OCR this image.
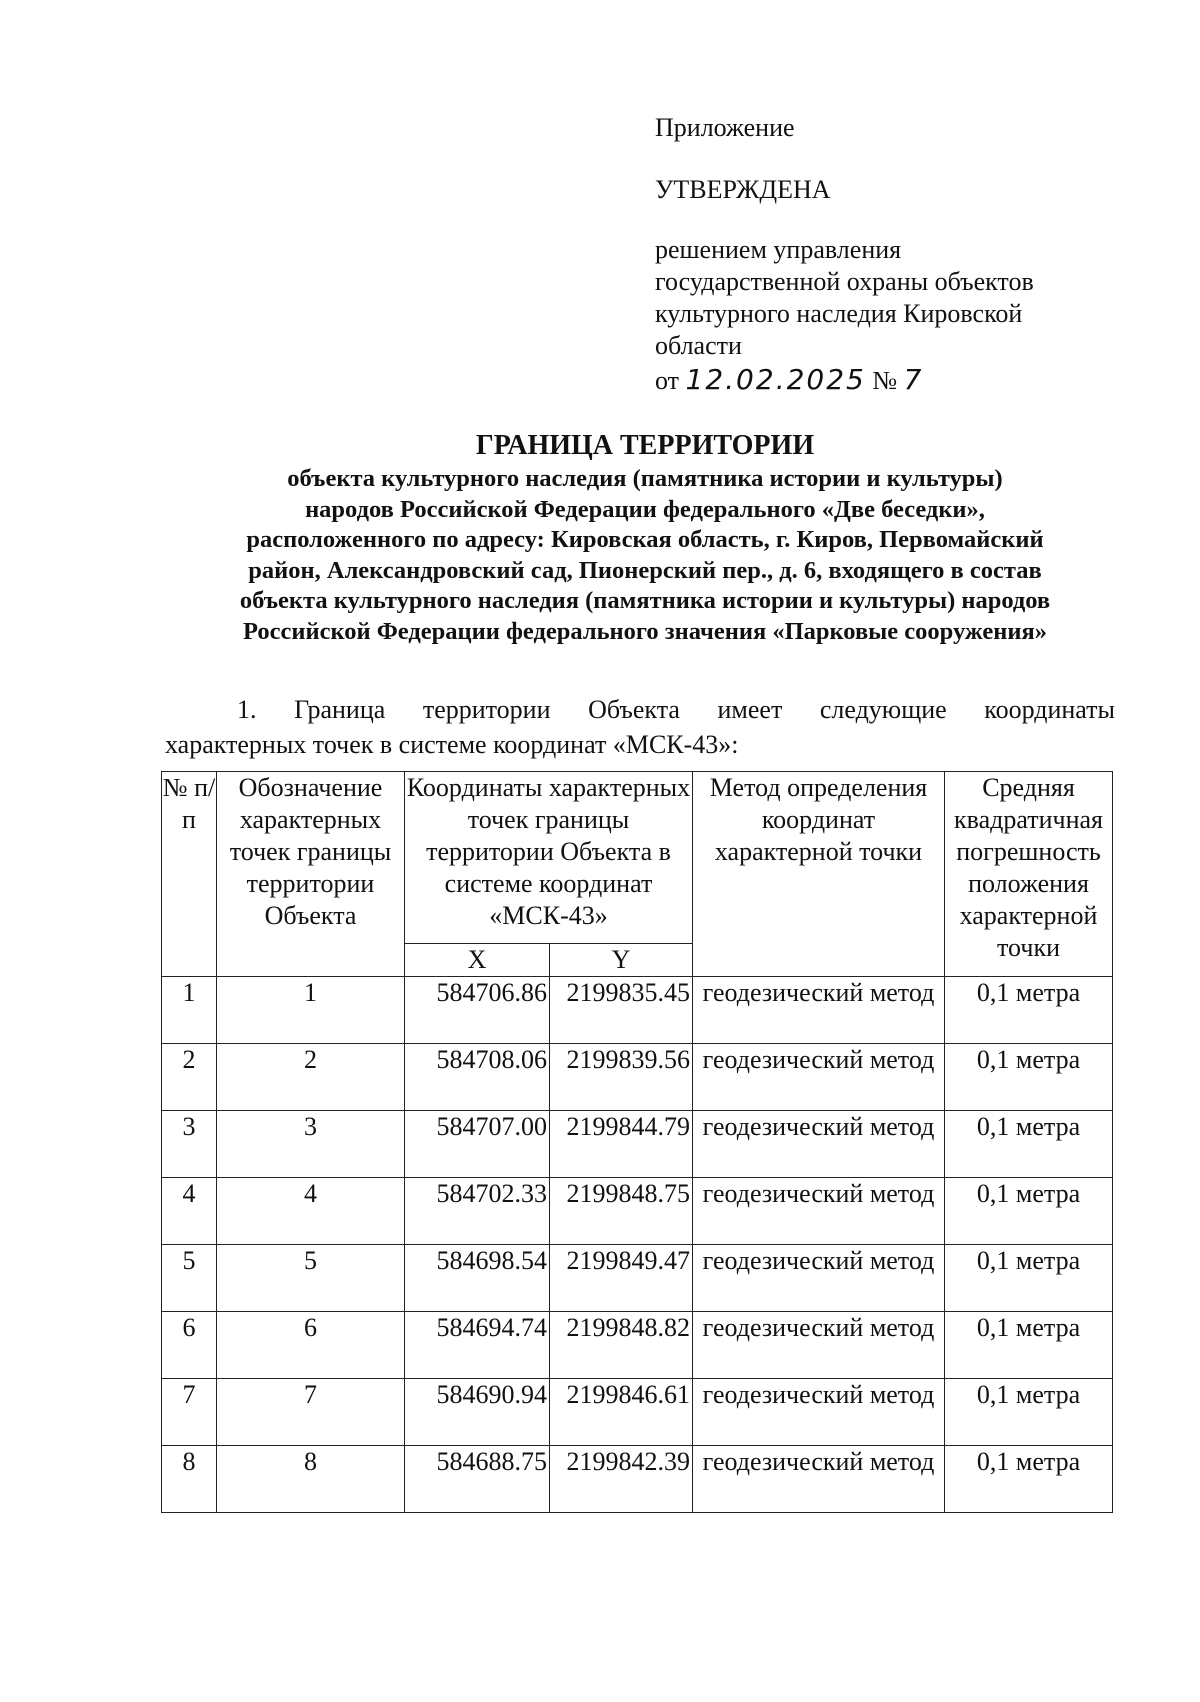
Приложение
УТВЕРЖДЕНА
решением управления
государственной охраны объектов
культурного наследия Кировской
области
от 12.02.2025 № 7
ГРАНИЦА ТЕРРИТОРИИ
объекта культурного наследия (памятника истории и культуры)
народов Российской Федерации федерального «Две беседки»,
расположенного по адресу: Кировская область, г. Киров, Первомайский
район, Александровский сад, Пионерский пер., д. 6, входящего в состав
объекта культурного наследия (памятника истории и культуры) народов
Российской Федерации федерального значения «Парковые сооружения»
1. Граница территории Объекта имеет следующие координаты
характерных точек в системе координат «МСК-43»:
№ п/п	Обозначение характерных точек границы территории Объекта	Координаты характерных точек границы территории Объекта в системе координат «МСК-43»		Метод определения координат характерной точки	Средняя квадратичная погрешность положения характерной точки
		X	Y		
1	1	584706.86	2199835.45	геодезический метод	0,1 метра
2	2	584708.06	2199839.56	геодезический метод	0,1 метра
3	3	584707.00	2199844.79	геодезический метод	0,1 метра
4	4	584702.33	2199848.75	геодезический метод	0,1 метра
5	5	584698.54	2199849.47	геодезический метод	0,1 метра
6	6	584694.74	2199848.82	геодезический метод	0,1 метра
7	7	584690.94	2199846.61	геодезический метод	0,1 метра
8	8	584688.75	2199842.39	геодезический метод	0,1 метра
